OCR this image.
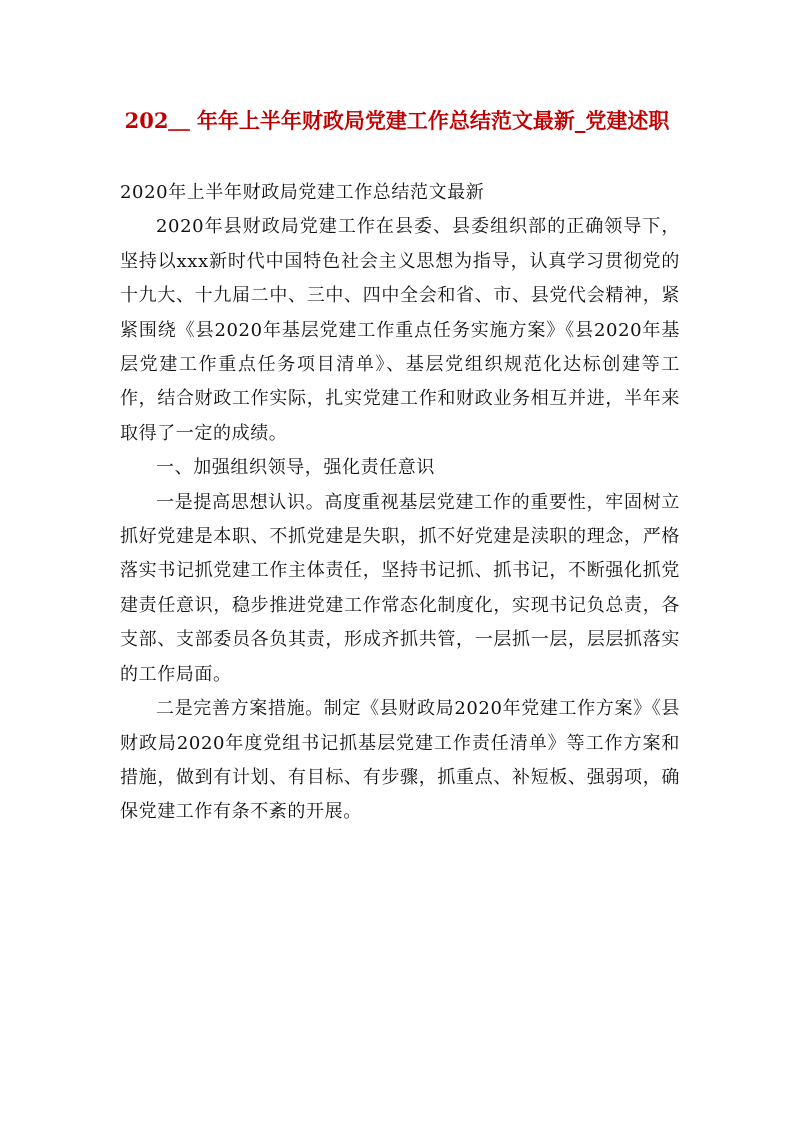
202＿ 年年上半年财政局党建工作总结范文最新_党建述职

2020年上半年财政局党建工作总结范文最新

2020年县财政局党建工作在县委、县委组织部的正确领导下，坚持以xxx新时代中国特色社会主义思想为指导，认真学习贯彻党的十九大、十九届二中、三中、四中全会和省、市、县党代会精神，紧紧围绕《县2020年基层党建工作重点任务实施方案》《县2020年基层党建工作重点任务项目清单》、基层党组织规范化达标创建等工作，结合财政工作实际，扎实党建工作和财政业务相互并进，半年来取得了一定的成绩。

一、加强组织领导，强化责任意识

一是提高思想认识。高度重视基层党建工作的重要性，牢固树立抓好党建是本职、不抓党建是失职，抓不好党建是渎职的理念，严格落实书记抓党建工作主体责任，坚持书记抓、抓书记，不断强化抓党建责任意识，稳步推进党建工作常态化制度化，实现书记负总责，各支部、支部委员各负其责，形成齐抓共管，一层抓一层，层层抓落实的工作局面。

二是完善方案措施。制定《县财政局2020年党建工作方案》《县财政局2020年度党组书记抓基层党建工作责任清单》等工作方案和措施，做到有计划、有目标、有步骤，抓重点、补短板、强弱项，确保党建工作有条不紊的开展。
